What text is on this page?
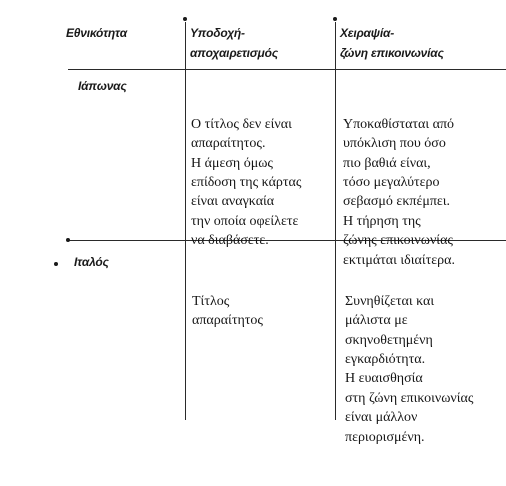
Εθνικότητα	Υποδοχή-
αποχαιρετισμός
Χειραψία-
ζώνη επικοινωνίας
Ιάπωνας

Ο τίτλος δεν είναι
απαραίτητος.
Η άμεση όμως
επίδοση της κάρτας
είναι αναγκαία
την οποία οφείλετε
να διαβάσετε.

Υποκαθίσταται από
υπόκλιση που όσο
πιο βαθιά είναι,
τόσο μεγαλύτερο
σεβασμό εκπέμπει.
Η τήρηση της
ζώνης επικοινωνίας
εκτιμάται ιδιαίτερα.

Ιταλός

Τίτλος
απαραίτητος

Συνηθίζεται και
μάλιστα με
σκηνοθετημένη
εγκαρδιότητα.
Η ευαισθησία
στη ζώνη επικοινωνίας
είναι μάλλον
περιορισμένη.
